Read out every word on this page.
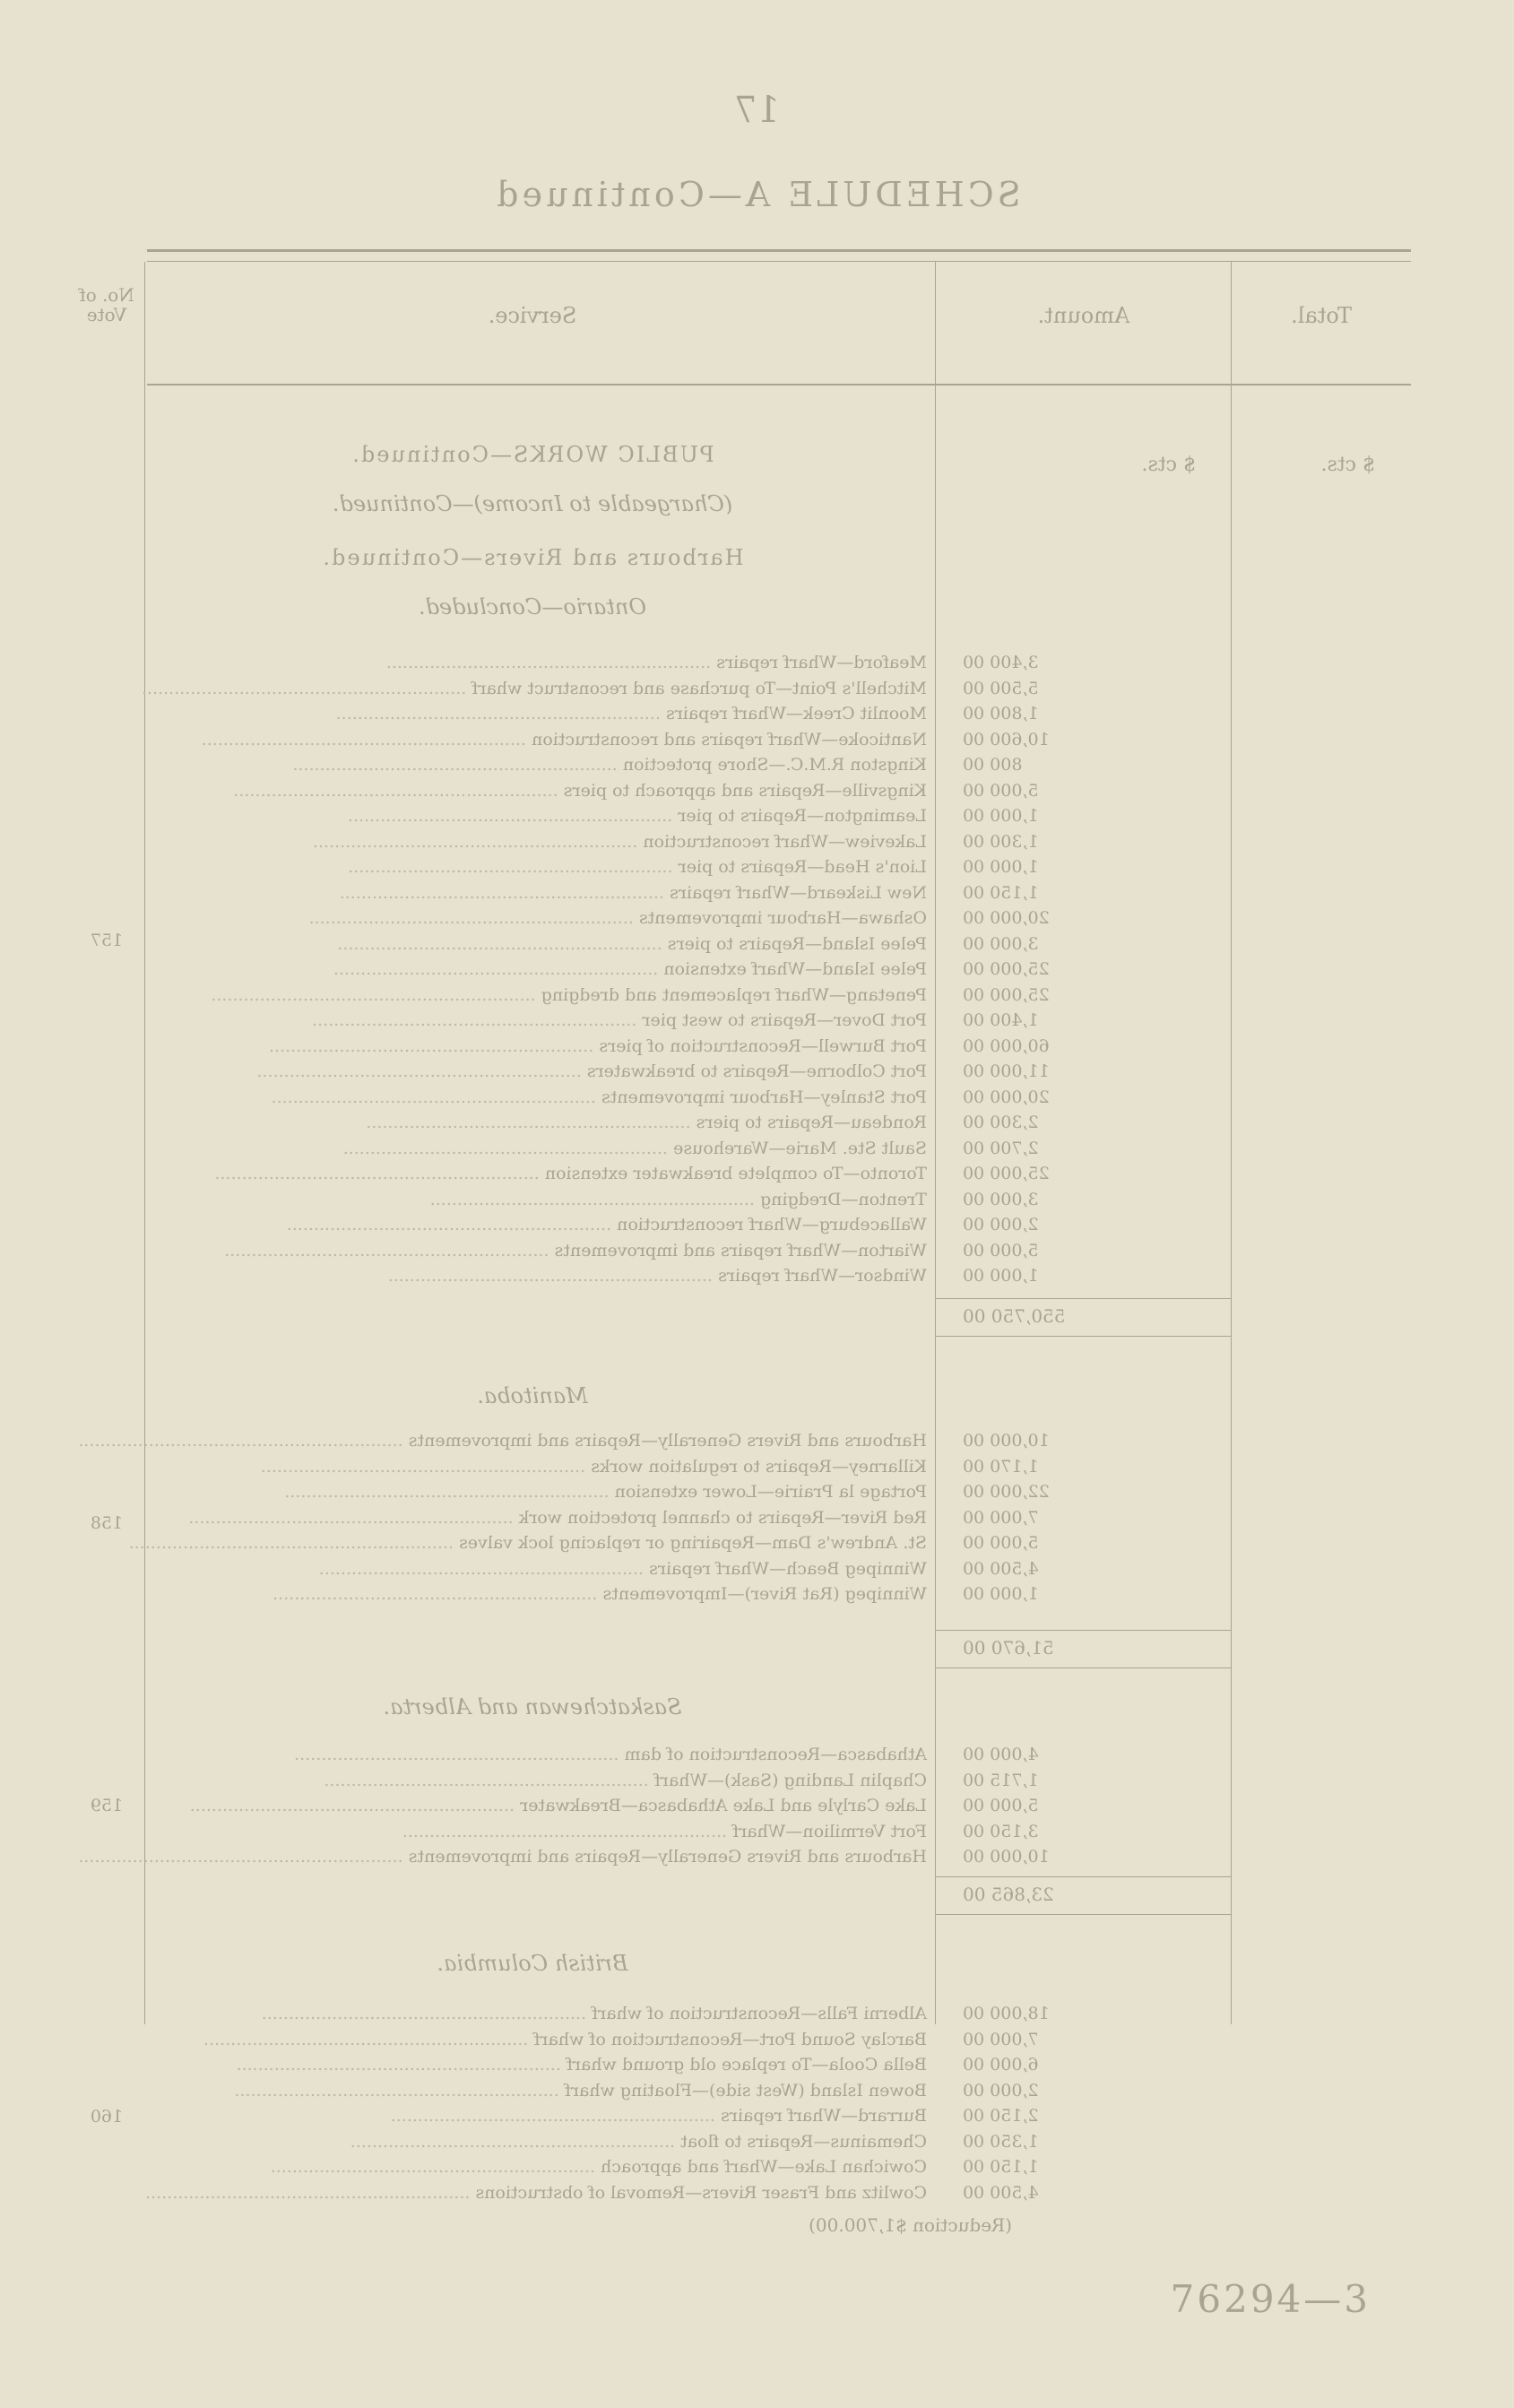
17
SCHEDULE A—Continued
Total.
Amount.
Service.
No. of Vote
$ cts.
$ cts.
PUBLIC WORKS—Continued.
(Chargeable to Income)—Continued.
Harbours and Rivers—Continued.
Ontario—Concluded.
3,400 00
Meaford—Wharf repairs ............................................................
5,500 00
Mitchell's Point—To purchase and reconstruct wharf ............................................................
1,800 00
Moonlit Creek—Wharf repairs ............................................................
10,600 00
Nanticoke—Wharf repairs and reconstruction ............................................................
800 00
Kingston R.M.C.—Shore protection ............................................................
5,000 00
Kingsville—Repairs and approach to piers ............................................................
1,000 00
Leamington—Repairs to pier ............................................................
1,300 00
Lakeview—Wharf reconstruction ............................................................
1,000 00
Lion's Head—Repairs to pier ............................................................
1,150 00
New Liskeard—Wharf repairs ............................................................
20,000 00
Oshawa—Harbour improvements ............................................................
3,000 00
Pelee Island—Repairs to piers ............................................................
25,000 00
Pelee Island—Wharf extension ............................................................
25,000 00
Penetang—Wharf replacement and dredging ............................................................
1,400 00
Port Dover—Repairs to west pier ............................................................
60,000 00
Port Burwell—Reconstruction of piers ............................................................
11,000 00
Port Colborne—Repairs to breakwaters ............................................................
20,000 00
Port Stanley—Harbour improvements ............................................................
2,300 00
Rondeau—Repairs to piers ............................................................
2,700 00
Sault Ste. Marie—Warehouse ............................................................
25,000 00
Toronto—To complete breakwater extension ............................................................
3,000 00
Trenton—Dredging ............................................................
2,000 00
Wallaceburg—Wharf reconstruction ............................................................
5,000 00
Wiarton—Wharf repairs and improvements ............................................................
1,000 00
Windsor—Wharf repairs ............................................................
157
550,750 00
Manitoba.
10,000 00
Harbours and Rivers Generally—Repairs and improvements ............................................................
1,170 00
Killarney—Repairs to regulation works ............................................................
22,000 00
Portage la Prairie—Lower extension ............................................................
7,000 00
Red River—Repairs to channel protection work ............................................................
5,000 00
St. Andrew's Dam—Repairing or replacing lock valves ............................................................
4,500 00
Winnipeg Beach—Wharf repairs ............................................................
1,000 00
Winnipeg (Rat River)—Improvements ............................................................
158
51,670 00
Saskatchewan and Alberta.
4,000 00
Athabasca—Reconstruction of dam ............................................................
1,715 00
Chaplin Landing (Sask)—Wharf ............................................................
5,000 00
Lake Carlyle and Lake Athabasca—Breakwater ............................................................
3,150 00
Fort Vermilion—Wharf ............................................................
10,000 00
Harbours and Rivers Generally—Repairs and improvements ............................................................
159
23,865 00
British Columbia.
18,000 00
Alberni Falls—Reconstruction of wharf ............................................................
7,000 00
Barclay Sound Port—Reconstruction of wharf ............................................................
6,000 00
Bella Coola—To replace old ground wharf ............................................................
2,000 00
Bowen Island (West side)—Floating wharf ............................................................
2,150 00
Burrard—Wharf repairs ............................................................
1,350 00
Chemainus—Repairs to float ............................................................
1,150 00
Cowichan Lake—Wharf and approach ............................................................
4,500 00
Cowlitz and Fraser Rivers—Removal of obstructions ............................................................
160
(Reduction $1,700.00)
76294—3
